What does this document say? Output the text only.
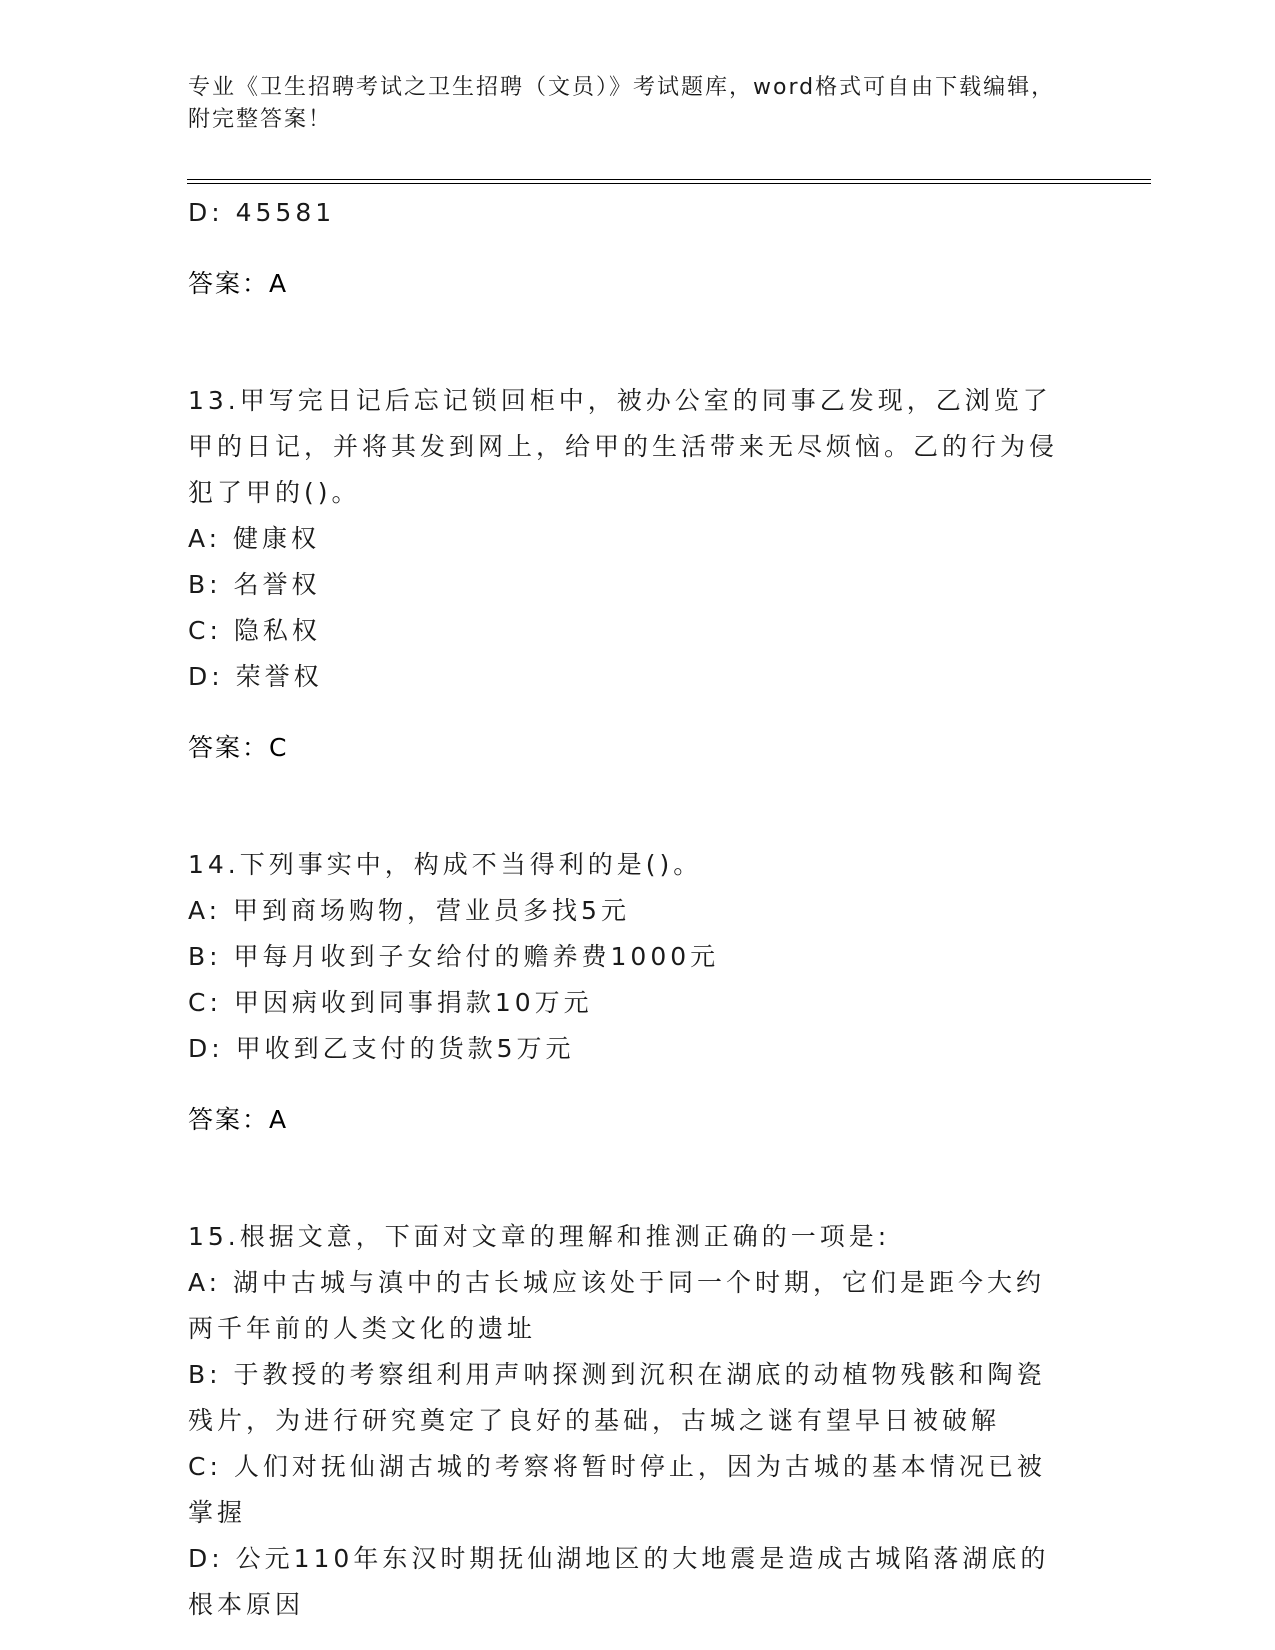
专业《卫生招聘考试之卫生招聘（文员）》考试题库，word格式可自由下载编辑，附完整答案！

D: 45581

答案：A

13.甲写完日记后忘记锁回柜中，被办公室的同事乙发现，乙浏览了甲的日记，并将其发到网上，给甲的生活带来无尽烦恼。乙的行为侵犯了甲的()。

A: 健康权

B: 名誉权

C: 隐私权

D: 荣誉权

答案：C

14.下列事实中，构成不当得利的是()。

A: 甲到商场购物，营业员多找5元

B: 甲每月收到子女给付的赡养费1000元

C: 甲因病收到同事捐款10万元

D: 甲收到乙支付的货款5万元

答案：A

15.根据文意，下面对文章的理解和推测正确的一项是:

A: 湖中古城与滇中的古长城应该处于同一个时期，它们是距今大约两千年前的人类文化的遗址

B: 于教授的考察组利用声呐探测到沉积在湖底的动植物残骸和陶瓷残片，为进行研究奠定了良好的基础，古城之谜有望早日被破解

C: 人们对抚仙湖古城的考察将暂时停止，因为古城的基本情况已被掌握

D: 公元110年东汉时期抚仙湖地区的大地震是造成古城陷落湖底的根本原因
